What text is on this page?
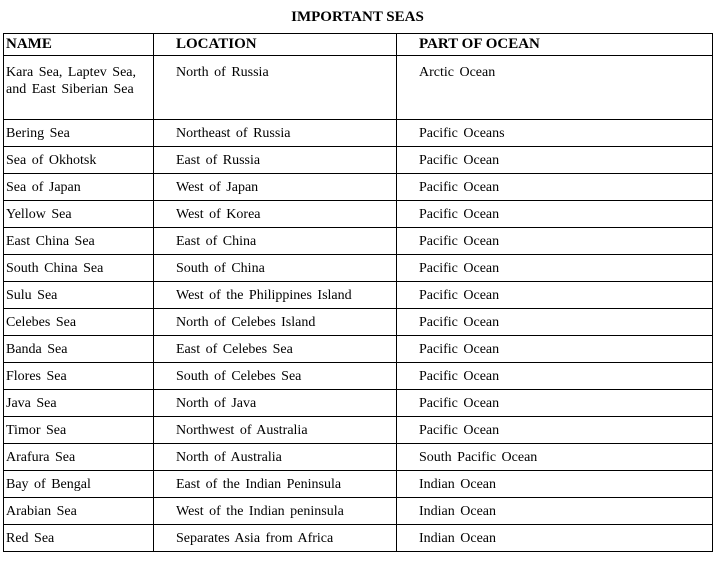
IMPORTANT SEAS
NAME	LOCATION	PART OF OCEAN
Kara Sea, Laptev Sea, and East Siberian Sea	North of Russia	Arctic Ocean
Bering Sea	Northeast of Russia	Pacific Oceans
Sea of Okhotsk	East of Russia	Pacific Ocean
Sea of Japan	West of Japan	Pacific Ocean
Yellow Sea	West of Korea	Pacific Ocean
East China Sea	East of China	Pacific Ocean
South China Sea	South of China	Pacific Ocean
Sulu Sea	West of the Philippines Island	Pacific Ocean
Celebes Sea	North of Celebes Island	Pacific Ocean
Banda Sea	East of Celebes Sea	Pacific Ocean
Flores Sea	South of Celebes Sea	Pacific Ocean
Java Sea	North of Java	Pacific Ocean
Timor Sea	Northwest of Australia	Pacific Ocean
Arafura Sea	North of Australia	South Pacific Ocean
Bay of Bengal	East of the Indian Peninsula	Indian Ocean
Arabian Sea	West of the Indian peninsula	Indian Ocean
Red Sea	Separates Asia from Africa	Indian Ocean
